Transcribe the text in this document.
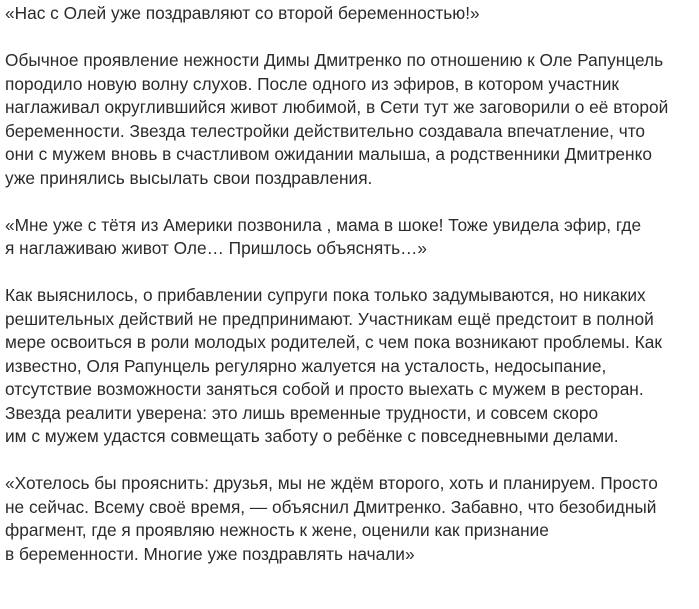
«Нас с Олей уже поздравляют со второй беременностью!»
Обычное проявление нежности Димы Дмитренко по отношению к Оле Рапунцель
породило новую волну слухов. После одного из эфиров, в котором участник
наглаживал округлившийся живот любимой, в Сети тут же заговорили о её второй
беременности. Звезда телестройки действительно создавала впечатление, что
они с мужем вновь в счастливом ожидании малыша, а родственники Дмитренко
уже принялись высылать свои поздравления.
«Мне уже с тётя из Америки позвонила , мама в шоке! Тоже увидела эфир, где
я наглаживаю живот Оле… Пришлось объяснять…»
Как выяснилось, о прибавлении супруги пока только задумываются, но никаких
решительных действий не предпринимают. Участникам ещё предстоит в полной
мере освоиться в роли молодых родителей, с чем пока возникают проблемы. Как
известно, Оля Рапунцель регулярно жалуется на усталость, недосыпание,
отсутствие возможности заняться собой и просто выехать с мужем в ресторан.
Звезда реалити уверена: это лишь временные трудности, и совсем скоро
им с мужем удастся совмещать заботу о ребёнке с повседневными делами.
«Хотелось бы прояснить: друзья, мы не ждём второго, хоть и планируем. Просто
не сейчас. Всему своё время, — объяснил Дмитренко. Забавно, что безобидный
фрагмент, где я проявляю нежность к жене, оценили как признание
в беременности. Многие уже поздравлять начали»
